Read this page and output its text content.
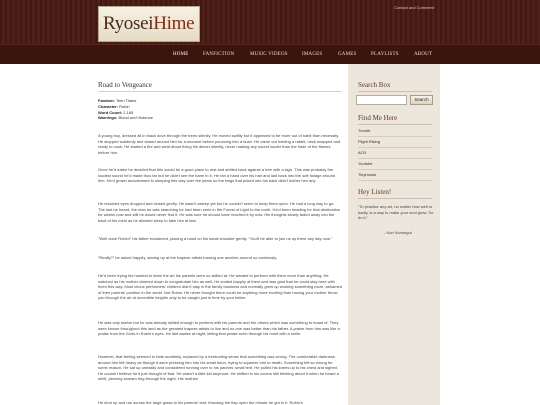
RyoseiHime
Contact and Comment
HOME	FANFICTION	MUSIC VIDEOS	IMAGES	GAMES	PLAYLISTS	ABOUT
Road to Vengeance
Fandom: Teen Titans
Character: Robin
Word Count: 2,165
Warnings: Blood and Violence
A young boy, dressed all in black dove through the trees silently. He moved swiftly but it appeared to be more out of habit than necessity. He stopped suddenly and stared around him for a moment before pouncing into a bush. He came out holding a rabbit, neck snapped and ready to cook. He started a fire and went about fixing his dinner silently, never making any sound louder than the hiser of the flames before him.
Once he'd eaten he decided that this would be a good place to rest and settled back against a tree with a sigh. This was probably the loudest sound he'd made thus far but he didn't see the harm in it. He ran a hand over his hair and laid back into the soft foliage around him. He'd grown accustomed to sleeping this way over the years so the twigs that poked into his back didn't bother him any.
He resolved eyes dropped and closed gently. He wasn't asleep yet but he couldn't seem to keep them open. He had a long way to go. The last he heard, the man he was searching for had been seen in the Forest of Light to the north. He'd been heading for that destination for weeks now and still he would never find it. He was sure he should have reached it by now. His thoughts slowly faded away into the back of his mind as he allowed sleep to take him at last.
"Well done Robin!" his father exclaimed, placing a hand on his small shoulder gently. "You'll be able to join us up there any day now."
"Really?" he asked happily, staring up at the trapeze artists tossing one another around so carelessly.
He'd been trying his hardest to learn the art his parents were so skilled at. He wanted to perform with them more than anything. He watched as his mother climbed down to congratulate him as well. He smiled happily at them and was glad that he could stay here with them this way. Most circus performers' children didn't stay in the family business and normally grew up working something more, ashamed of their parents' position in the world. Not Robin. He never thought there could be anything more exciting than having your mother throw you through the air at incredible heights only to be caught just in time by your father.
He was only twelve but he was already skilled enough to perform with his parents and the others which was something to boast of. They were known throughout this land as the greatest trapeze artists to live and no one was better than his father. A praise from him was like a praise from the Gods in Robin's eyes. He laid awake at night, letting that praise echo through his mind with a smile.
However, that feeling seemed to fade suddenly, replaced by a foreboding sense that something was wrong. The comfortable darkness around him felt heavy as though it were pressing him into his small futon, trying to squeeze him to death. Something felt so wrong for some reason. He sat up uneasily and considered running over to his parents' small tent. He pulled his knees up to his chest and sighed. He couldn't believe he'd just thought of that. He wasn't a little kid anymore. He shifted in his covers still thinking about it when he heard a shrill, piercing scream ring through the night. His mother!
He shot up and ran across the large grass to his parents' tent, throwing the flap open the minute he got to it. Robin's
Search Box
Search
Find Me Here
Tumblr
Flight Rising
AO3
Youtube
Tinyhouse
Hey Listen!
"To practice any art, no matter how well or badly, is a way to make your soul grow. So do it."
- Kurt Vonnegut
